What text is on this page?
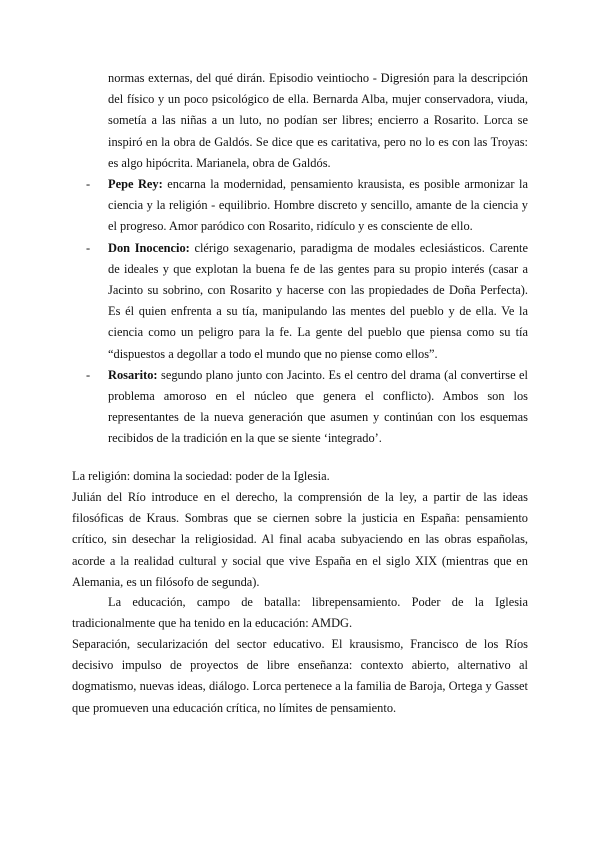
normas externas, del qué dirán. Episodio veintiocho - Digresión para la descripción del físico y un poco psicológico de ella. Bernarda Alba, mujer conservadora, viuda, sometía a las niñas a un luto, no podían ser libres; encierro a Rosarito. Lorca se inspiró en la obra de Galdós. Se dice que es caritativa, pero no lo es con las Troyas: es algo hipócrita. Marianela, obra de Galdós.

- Pepe Rey: encarna la modernidad, pensamiento krausista, es posible armonizar la ciencia y la religión - equilibrio. Hombre discreto y sencillo, amante de la ciencia y el progreso. Amor paródico con Rosarito, ridículo y es consciente de ello.
- Don Inocencio: clérigo sexagenario, paradigma de modales eclesiásticos. Carente de ideales y que explotan la buena fe de las gentes para su propio interés (casar a Jacinto su sobrino, con Rosarito y hacerse con las propiedades de Doña Perfecta). Es él quien enfrenta a su tía, manipulando las mentes del pueblo y de ella. Ve la ciencia como un peligro para la fe. La gente del pueblo que piensa como su tía “dispuestos a degollar a todo el mundo que no piense como ellos”.
- Rosarito: segundo plano junto con Jacinto. Es el centro del drama (al convertirse el problema amoroso en el núcleo que genera el conflicto). Ambos son los representantes de la nueva generación que asumen y continúan con los esquemas recibidos de la tradición en la que se siente ‘integrado’.

La religión: domina la sociedad: poder de la Iglesia.

Julián del Río introduce en el derecho, la comprensión de la ley, a partir de las ideas filosóficas de Kraus. Sombras que se ciernen sobre la justicia en España: pensamiento crítico, sin desechar la religiosidad. Al final acaba subyaciendo en las obras españolas, acorde a la realidad cultural y social que vive España en el siglo XIX (mientras que en Alemania, es un filósofo de segunda).

La educación, campo de batalla: librepensamiento. Poder de la Iglesia tradicionalmente que ha tenido en la educación: AMDG.

Separación, secularización del sector educativo. El krausismo, Francisco de los Ríos decisivo impulso de proyectos de libre enseñanza: contexto abierto, alternativo al dogmatismo, nuevas ideas, diálogo. Lorca pertenece a la familia de Baroja, Ortega y Gasset que promueven una educación crítica, no límites de pensamiento.
